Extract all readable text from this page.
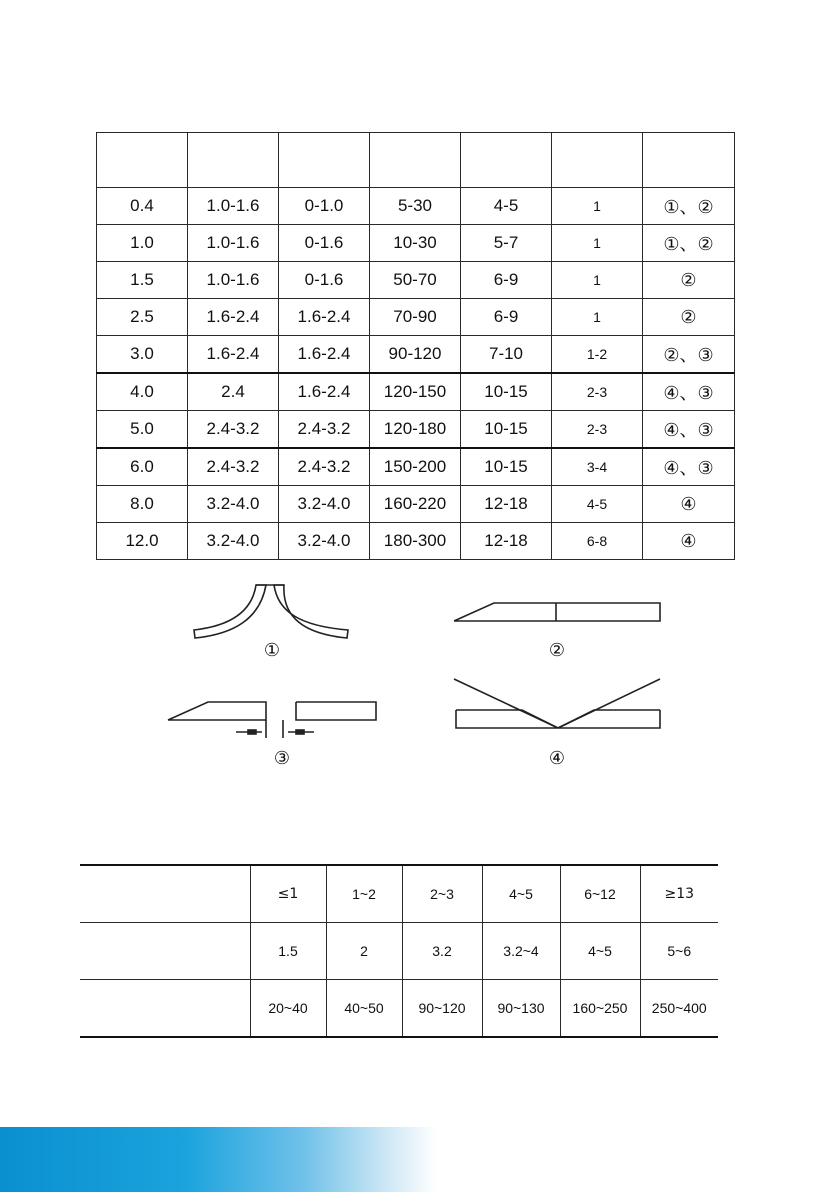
0.4	1.0-1.6	0-1.0	5-30	4-5	1	①、②
1.0	1.0-1.6	0-1.6	10-30	5-7	1	①、②
1.5	1.0-1.6	0-1.6	50-70	6-9	1	②
2.5	1.6-2.4	1.6-2.4	70-90	6-9	1	②
3.0	1.6-2.4	1.6-2.4	90-120	7-10	1-2	②、③
4.0	2.4	1.6-2.4	120-150	10-15	2-3	④、③
5.0	2.4-3.2	2.4-3.2	120-180	10-15	2-3	④、③
6.0	2.4-3.2	2.4-3.2	150-200	10-15	3-4	④、③
8.0	3.2-4.0	3.2-4.0	160-220	12-18	4-5	④
12.0	3.2-4.0	3.2-4.0	180-300	12-18	6-8	④
①	②
③	④
	≤1	1~2	2~3	4~5	6~12	≥13
	1.5	2	3.2	3.2~4	4~5	5~6
	20~40	40~50	90~120	90~130	160~250	250~400
